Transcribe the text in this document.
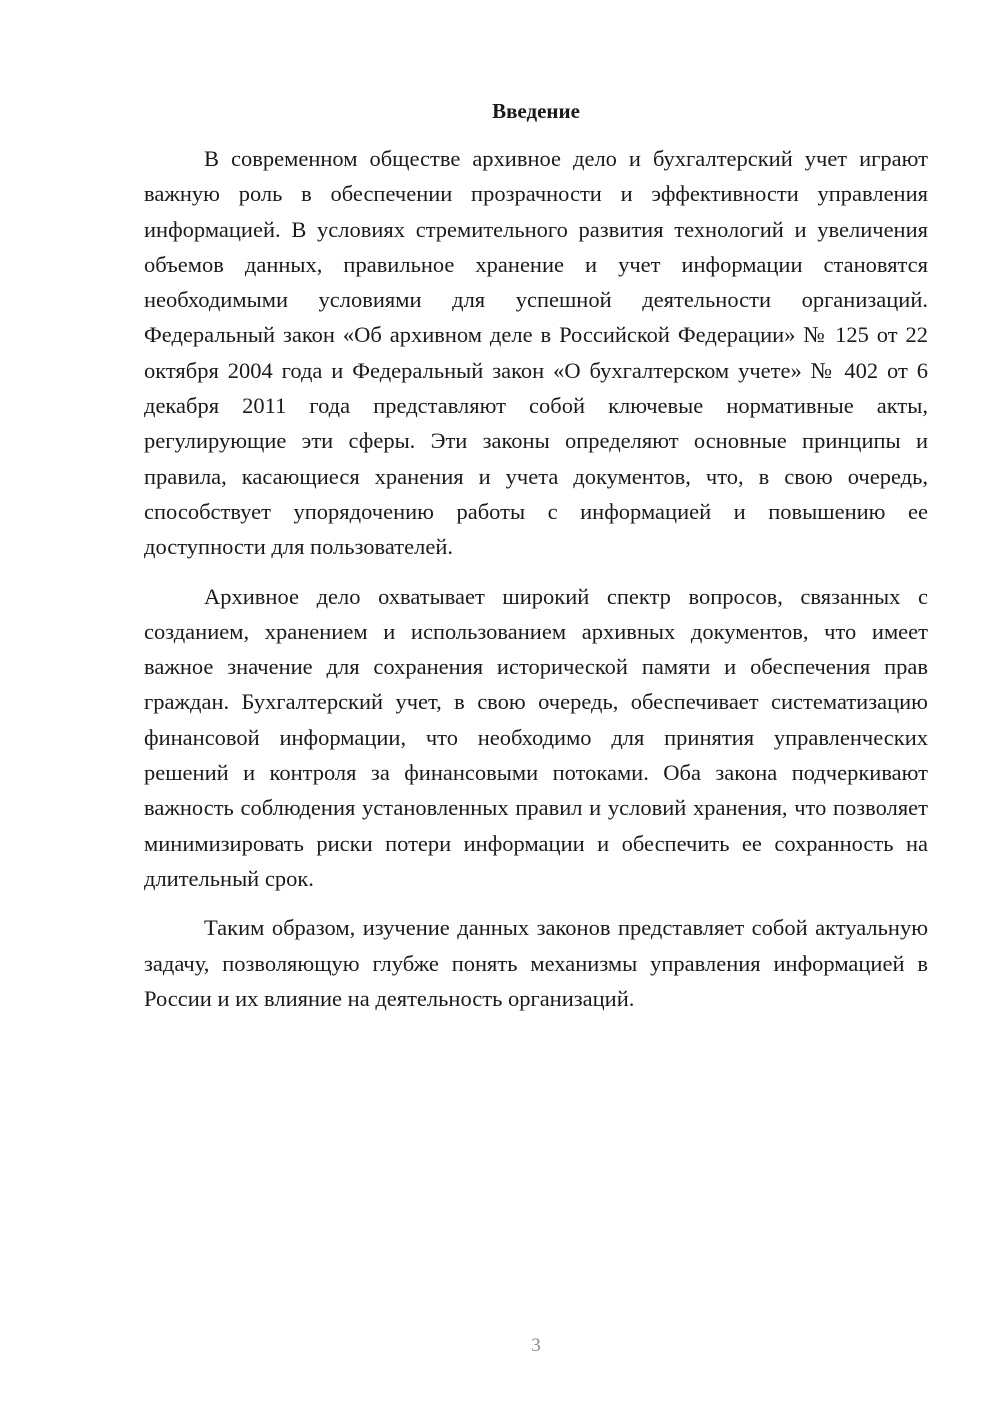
Введение

В современном обществе архивное дело и бухгалтерский учет играют важную роль в обеспечении прозрачности и эффективности управления информацией. В условиях стремительного развития технологий и увеличения объемов данных, правильное хранение и учет информации становятся необходимыми условиями для успешной деятельности организаций. Федеральный закон «Об архивном деле в Российской Федерации» № 125 от 22 октября 2004 года и Федеральный закон «О бухгалтерском учете» № 402 от 6 декабря 2011 года представляют собой ключевые нормативные акты, регулирующие эти сферы. Эти законы определяют основные принципы и правила, касающиеся хранения и учета документов, что, в свою очередь, способствует упорядочению работы с информацией и повышению ее доступности для пользователей.

Архивное дело охватывает широкий спектр вопросов, связанных с созданием, хранением и использованием архивных документов, что имеет важное значение для сохранения исторической памяти и обеспечения прав граждан. Бухгалтерский учет, в свою очередь, обеспечивает систематизацию финансовой информации, что необходимо для принятия управленческих решений и контроля за финансовыми потоками. Оба закона подчеркивают важность соблюдения установленных правил и условий хранения, что позволяет минимизировать риски потери информации и обеспечить ее сохранность на длительный срок.

Таким образом, изучение данных законов представляет собой актуальную задачу, позволяющую глубже понять механизмы управления информацией в России и их влияние на деятельность организаций.

3
